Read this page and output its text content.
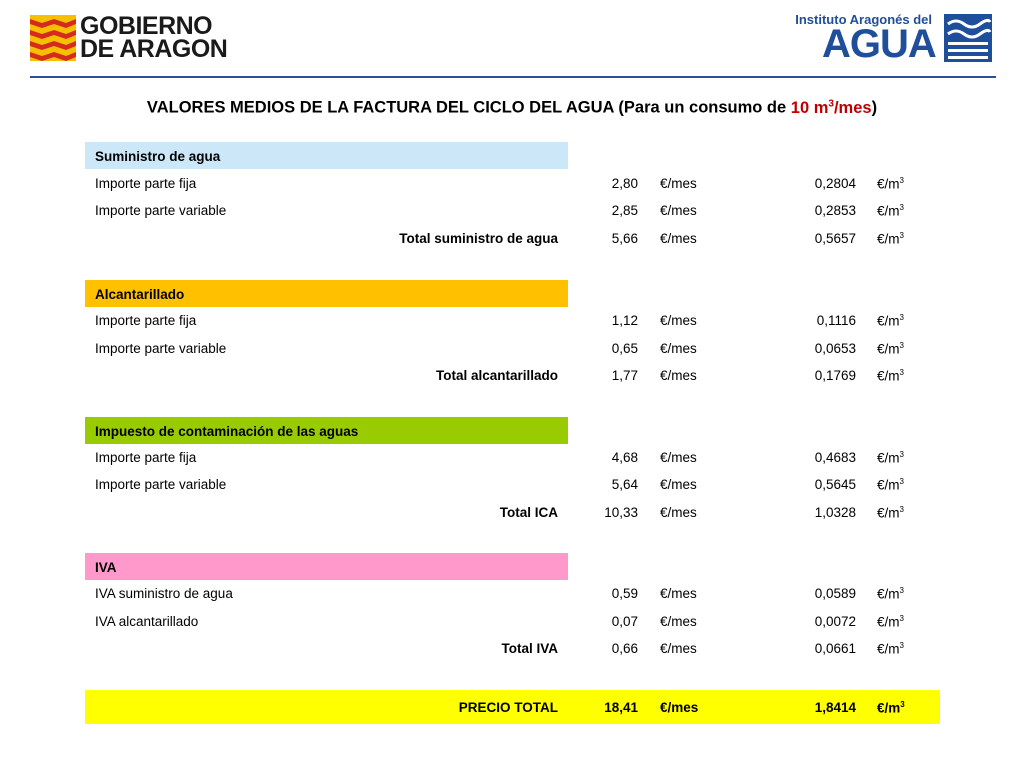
GOBIERNO
DE ARAGON
Instituto Aragonés del
AGUA
VALORES MEDIOS DE LA FACTURA DEL CICLO DEL AGUA (Para un consumo de 10 $m^3/mes$)
Suministro de agua
Importe parte fija	2,80 €/mes	0,2804 $€/m^3$
Importe parte variable	2,85 €/mes	0,2853 $€/m^3$
Total suministro de agua	5,66 €/mes	0,5657 $€/m^3$
Alcantarillado
Importe parte fija	1,12 €/mes	0,1116 $€/m^3$
Importe parte variable	0,65 €/mes	0,0653 $€/m^3$
Total alcantarillado	1,77 €/mes	0,1769 $€/m^3$
Impuesto de contaminación de las aguas
Importe parte fija	4,68 €/mes	0,4683 $€/m^3$
Importe parte variable	5,64 €/mes	0,5645 $€/m^3$
Total ICA	10,33 €/mes	1,0328 $€/m^3$
IVA
IVA suministro de agua	0,59 €/mes	0,0589 $€/m^3$
IVA alcantarillado	0,07 €/mes	0,0072 $€/m^3$
Total IVA	0,66 €/mes	0,0661 $€/m^3$
PRECIO TOTAL	18,41 €/mes	1,8414 $€/m^3$
